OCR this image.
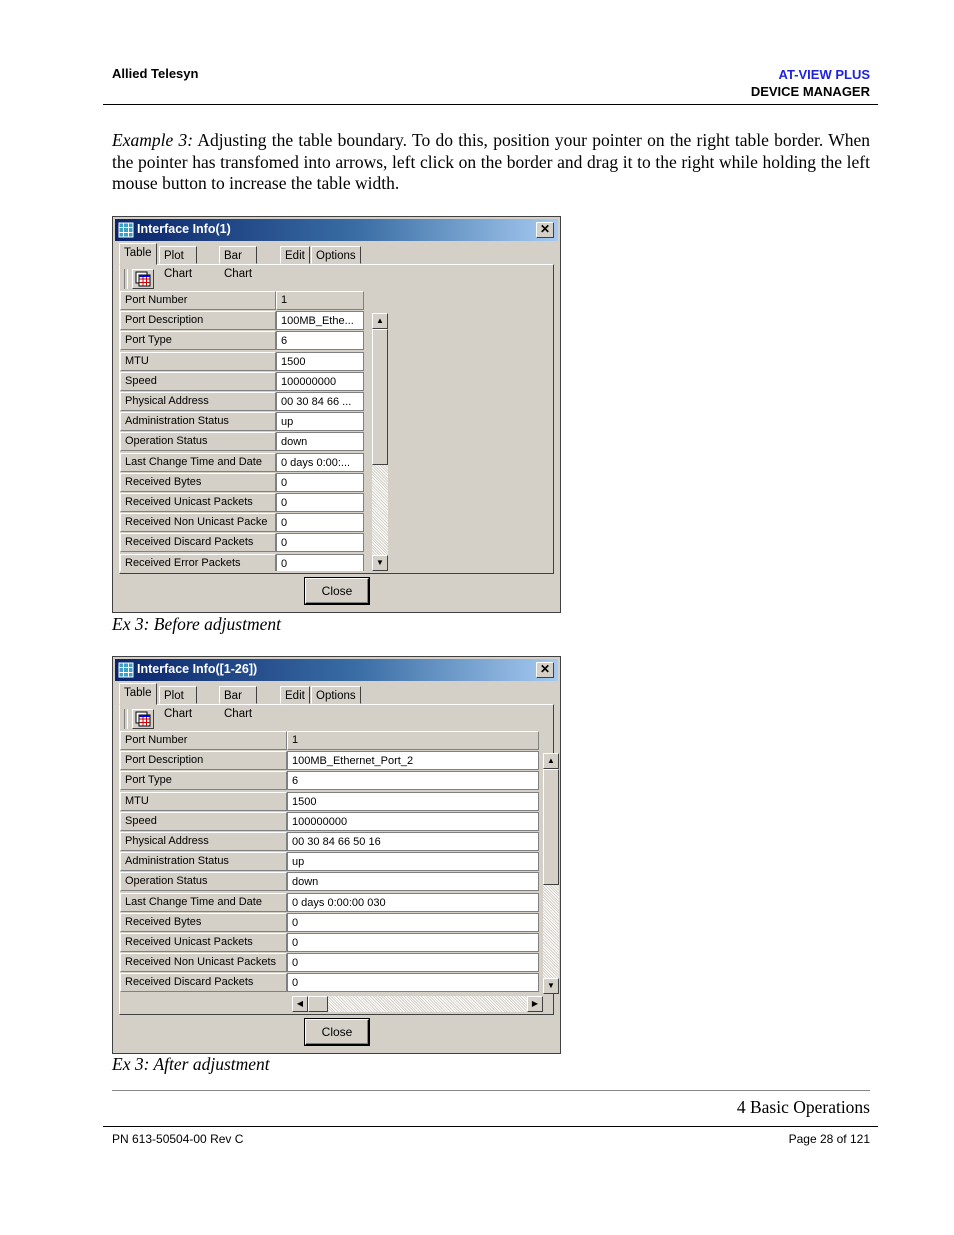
Allied Telesyn	AT-VIEW PLUS
DEVICE MANAGER
Example 3: Adjusting the table boundary. To do this, position your pointer on the right table border. When the pointer has transfomed into arrows, left click on the border and drag it to the right while holding the left mouse button to increase the table width.
Interface Info(1)	✕
Table	Plot Chart
Bar Chart
Edit Options
Port Number	1
Port Description	100MB_Ethe...
Port Type	6
MTU	1500
Speed	100000000
Physical Address	00 30 84 66 ...
Administration Status	up
Operation Status	down
Last Change Time and Date	0 days 0:00:...
Received Bytes	0
Received Unicast Packets	0
Received Non Unicast Packe	0
Received Discard Packets	0
Received Error Packets	0
▲
▼
Close
Ex 3: Before adjustment
Interface Info([1-26])	✕
Table	Plot Chart
Bar Chart
Edit Options
Port Number	1
Port Description	100MB_Ethernet_Port_2
Port Type	6
MTU	1500
Speed	100000000
Physical Address	00 30 84 66 50 16
Administration Status	up
Operation Status	down
Last Change Time and Date	0 days 0:00:00 030
Received Bytes	0
Received Unicast Packets	0
Received Non Unicast Packets	0
Received Discard Packets	0
▲
▼
◀	▶
Close
Ex 3: After adjustment
4 Basic Operations
PN 613-50504-00 Rev C	Page 28 of 121
